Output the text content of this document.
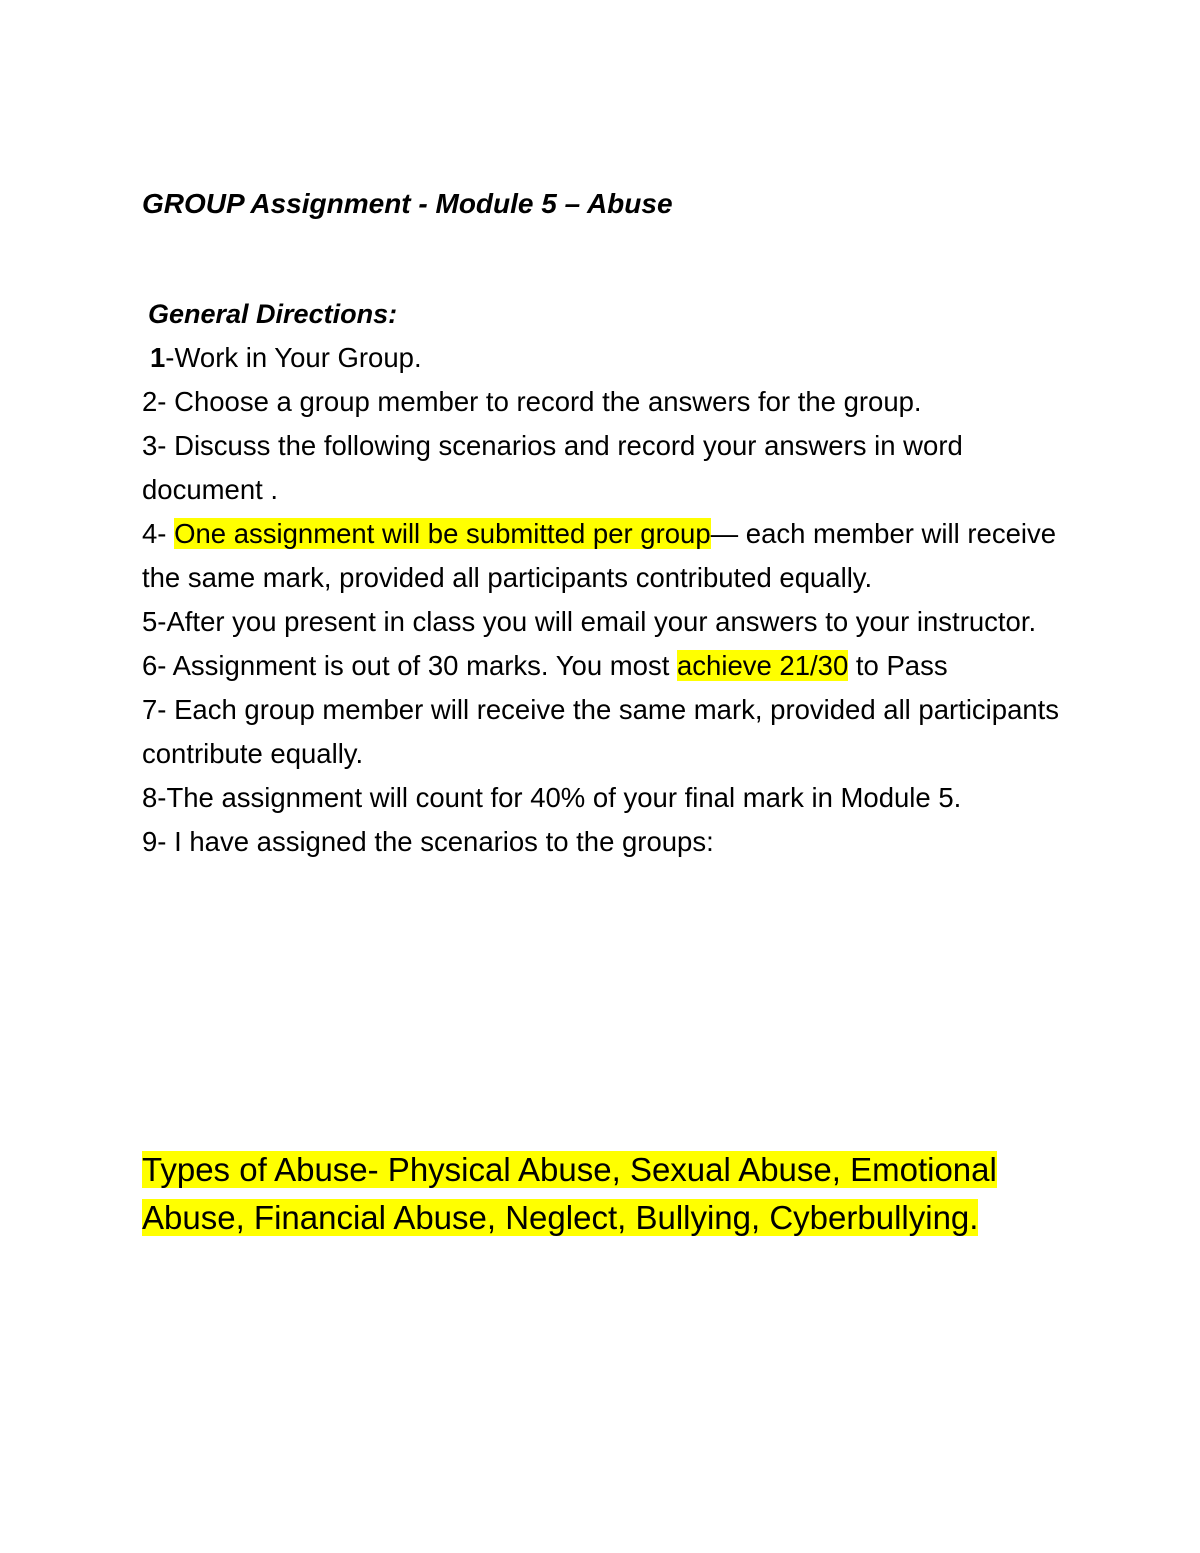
GROUP Assignment - Module 5 – Abuse
General Directions:

1-Work in Your Group.

2- Choose a group member to record the answers for the group.

3- Discuss the following scenarios and record your answers in word document .

4- One assignment will be submitted per group— each member will receive the same mark, provided all participants contributed equally.

5-After you present in class you will email your answers to your instructor.

6- Assignment is out of 30 marks. You most achieve 21/30 to Pass

7- Each group member will receive the same mark, provided all participants contribute equally.

8-The assignment will count for 40% of your final mark in Module 5.

9- I have assigned the scenarios to the groups:

Types of Abuse- Physical Abuse, Sexual Abuse, Emotional Abuse, Financial Abuse, Neglect, Bullying, Cyberbullying.
